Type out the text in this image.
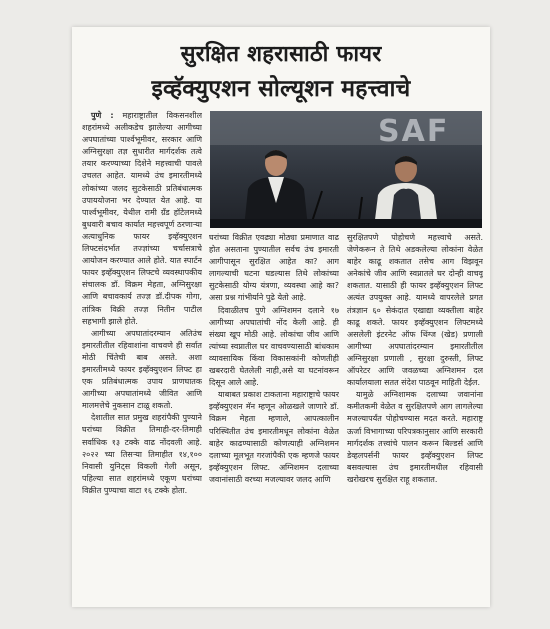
सुरक्षित शहरासाठी फायर
इव्हॅक्युएशन सोल्यूशन महत्त्वाचे

पुणे : महाराष्ट्रातील विकसनशील शहरांमध्ये अलीकडेच झालेल्या आगीच्या अपघातांच्या पार्श्वभूमीवर, सरकार आणि अग्निसुरक्षा तज्ञ सुधारीत मार्गदर्शक तत्वे तयार करण्याच्या दिशेने महत्त्वाची पावले उचलत आहेत. यामध्ये उंच इमारतीमध्ये लोकांच्या जलद सुटकेसाठी प्रतिबंधात्मक उपाययोजना भर देण्यात येत आहे. या पार्श्वभूमीवर, येथील रामी ग्रँड हॉटेलमध्ये बुधवारी बचाव कार्यात महत्त्वपूर्ण ठरणाऱ्या अत्याधुनिक फायर इव्हॅक्युएशन लिफ्टसंदर्भात तज्ज्ञांच्या चर्चासत्राचे आयोजन करण्यात आले होते. यात स्पार्टन फायर इव्हॅक्युएशन लिफ्टचे व्यवस्थापकीय संचालक डॉ. विक्रम मेहता, अग्निसुरक्षा आणि बचावकार्य तज्ज्ञ डॉ.दीपक गोगा, तांत्रिक विक्री तज्ज्ञ नितीन पाटील सहभागी झाले होते.

आगीच्या अपघातांदरम्यान अतिउंच इमारतीतील रहिवाशांना वाचवणे ही सर्वात मोठी चिंतेची बाब असते. अशा इमारतीमध्ये फायर इव्हॅक्युएशन लिफ्ट हा एक प्रतिबंधात्मक उपाय प्राणघातक आगीच्या अपघातांमध्ये जीवित आणि मालमत्तेचे नुकसान टाळू शकतो.

देशातील सात प्रमुख शहरांपैकी पुण्याने घरांच्या विक्रीत तिमाही-दर-तिमाही सर्वाधिक १३ टक्के वाढ नोंदवली आहे. २०२२ च्या तिसऱ्या तिमाहीत १४,१०० निवासी युनिट्स विकली गेली असून, पहिल्या सात शहरांमध्ये एकूण घरांच्या विक्रीत पुण्याचा वाटा १६ टक्के होता.

SAF

घरांच्या विक्रीत एवढ्या मोठ्या प्रमाणात वाढ होत असताना पुण्यातील सर्वच उंच इमारती आगीपासून सुरक्षित आहेत का? आग लागल्याची घटना घडल्यास तिथे लोकांच्या सुटकेसाठी योग्य यंत्रणा, व्यवस्था आहे का? असा प्रश्न गांभीर्याने पुढे येतो आहे.

दिवाळीतच पुणे अग्निशमन दलाने १७ आगीच्या अपघातांची नोंद केली आहे. ही संख्या खूप मोठी आहे. लोकांचा जीव आणि त्यांच्या स्वप्नातील घर वाचवण्यासाठी बांधकाम व्यावसायिक किंवा विकासकांनी कोणतीही खबरदारी घेतलेली नाही,असे या घटनांवरून दिसून आले आहे.

याबाबत प्रकाश टाकताना महाराष्ट्राचे फायर इव्हॅक्युएशन मॅन म्हणून ओळखले जाणारे डॉ. विक्रम मेहता म्हणाले, आपत्कालीन परिस्थितीत उंच इमारतीमधून लोकांना वेळेत बाहेर काढण्यासाठी कोणत्याही अग्निशमन दलाच्या मूलभूत गरजांपैकी एक म्हणजे फायर इव्हॅक्युएशन लिफ्ट. अग्निशमन दलाच्या जवानांसाठी वरच्या मजल्यावर जलद आणि

सुरक्षितपणे पोहोचणे महत्त्वाचे असते. जेणेकरून ते तिथे अडकलेल्या लोकांना वेळेत बाहेर काढू शकतात तसेच आग विझवून अनेकांचे जीव आणि स्वप्नातले घर दोन्ही वाचवू शकतात. यासाठी ही फायर इव्हॅक्युएशन लिफ्ट अत्यंत उपयुक्त आहे. यामध्ये वापरलेले प्रगत तंत्रज्ञान ६० सेकंदात एखाद्या व्यक्तीला बाहेर काढू शकते. फायर इव्हॅक्युएशन लिफ्टमध्ये असलेली इंटरनेट ऑफ थिंग्ज (खेड) प्रणाली आगीच्या अपघातांदरम्यान इमारतीतील अग्निसुरक्षा प्रणाली , सुरक्षा दुरुस्ती, लिफ्ट ऑपरेटर आणि जवळच्या अग्निशमन दल कार्यालयाला सतत संदेश पाठवून माहिती देईल.

यामुळे अग्निशामक दलाच्या जवानांना कमीतकमी वेळेत व सुरक्षितपणे आग लागलेल्या मजल्यापर्यंत पोहोचण्यास मदत करते. महाराष्ट्र ऊर्जा विभागाच्या परिपत्रकानुसार आणि सरकारी मार्गदर्शक तत्त्वांचे पालन करून बिल्डर्स आणि डेव्हलपर्सनी फायर इव्हॅक्युएशन लिफ्ट बसवल्यास उंच इमारतीमधील रहिवासी खरोखरच सुरक्षित राहू शकतात.
